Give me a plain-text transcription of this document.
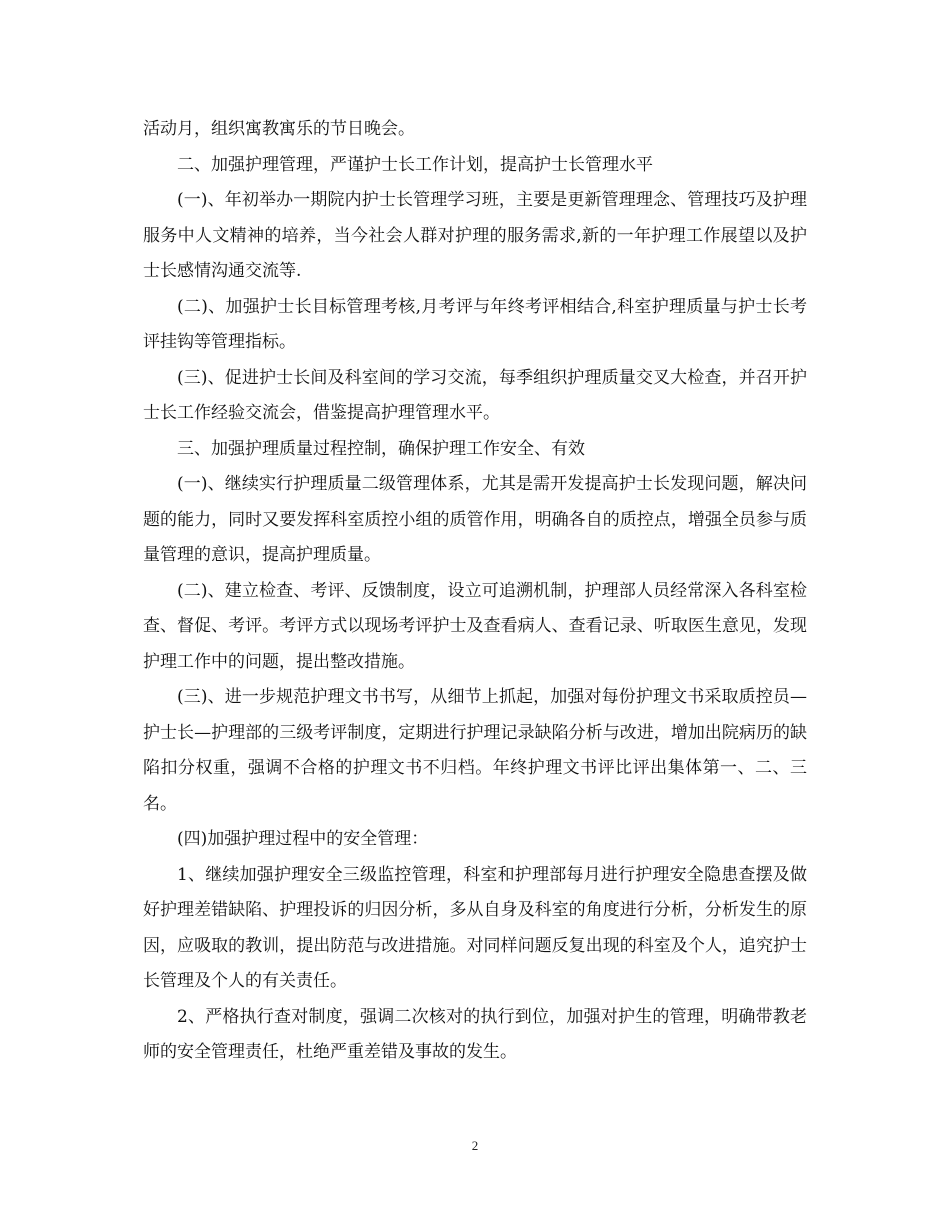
活动月，组织寓教寓乐的节日晚会。

二、加强护理管理，严谨护士长工作计划，提高护士长管理水平

(一)、年初举办一期院内护士长管理学习班，主要是更新管理理念、管理技巧及护理服务中人文精神的培养，当今社会人群对护理的服务需求,新的一年护理工作展望以及护士长感情沟通交流等.

(二)、加强护士长目标管理考核,月考评与年终考评相结合,科室护理质量与护士长考评挂钩等管理指标。

(三)、促进护士长间及科室间的学习交流，每季组织护理质量交叉大检查，并召开护士长工作经验交流会，借鉴提高护理管理水平。

三、加强护理质量过程控制，确保护理工作安全、有效

(一)、继续实行护理质量二级管理体系，尤其是需开发提高护士长发现问题，解决问题的能力，同时又要发挥科室质控小组的质管作用，明确各自的质控点，增强全员参与质量管理的意识，提高护理质量。

(二)、建立检查、考评、反馈制度，设立可追溯机制，护理部人员经常深入各科室检查、督促、考评。考评方式以现场考评护士及查看病人、查看记录、听取医生意见，发现护理工作中的问题，提出整改措施。

(三)、进一步规范护理文书书写，从细节上抓起，加强对每份护理文书采取质控员—护士长—护理部的三级考评制度，定期进行护理记录缺陷分析与改进，增加出院病历的缺陷扣分权重，强调不合格的护理文书不归档。年终护理文书评比评出集体第一、二、三名。

(四)加强护理过程中的安全管理：

1、继续加强护理安全三级监控管理，科室和护理部每月进行护理安全隐患查摆及做好护理差错缺陷、护理投诉的归因分析，多从自身及科室的角度进行分析，分析发生的原因，应吸取的教训，提出防范与改进措施。对同样问题反复出现的科室及个人，追究护士长管理及个人的有关责任。

2、严格执行查对制度，强调二次核对的执行到位，加强对护生的管理，明确带教老师的安全管理责任，杜绝严重差错及事故的发生。

2
